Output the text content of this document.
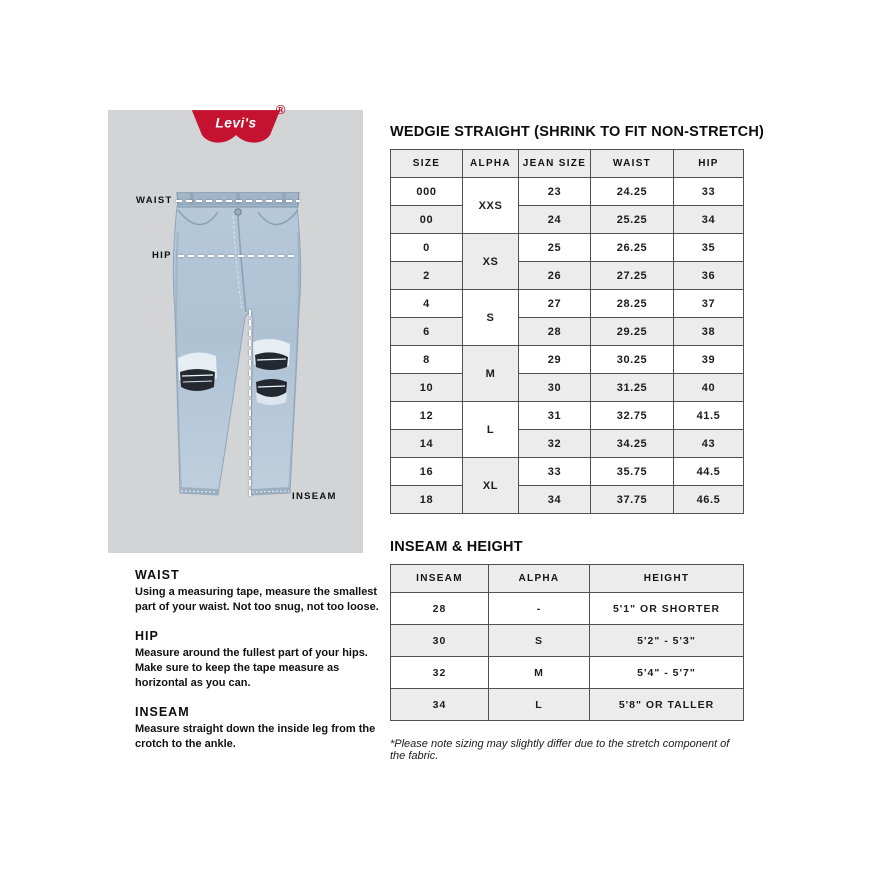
Levi's
®
WAIST
HIP
INSEAM
WAIST

Using a measuring tape, measure the smallest part of your waist. Not too snug, not too loose.

HIP

Measure around the fullest part of your hips. Make sure to keep the tape measure as horizontal as you can.

INSEAM

Measure straight down the inside leg from the crotch to the ankle.

WEDGIE STRAIGHT (SHRINK TO FIT NON-STRETCH)
SIZE	ALPHA	JEAN SIZE	WAIST	HIP
000	XXS	23	24.25	33
00		24	25.25	34
0	XS	25	26.25	35
2		26	27.25	36
4	S	27	28.25	37
6		28	29.25	38
8	M	29	30.25	39
10		30	31.25	40
12	L	31	32.75	41.5
14		32	34.25	43
16	XL	33	35.75	44.5
18		34	37.75	46.5
INSEAM & HEIGHT
INSEAM	ALPHA	HEIGHT
28	-	5'1" OR SHORTER
30	S	5'2" - 5'3"
32	M	5'4" - 5'7"
34	L	5'8" OR TALLER

*Please note sizing may slightly differ due to the stretch component of the fabric.
